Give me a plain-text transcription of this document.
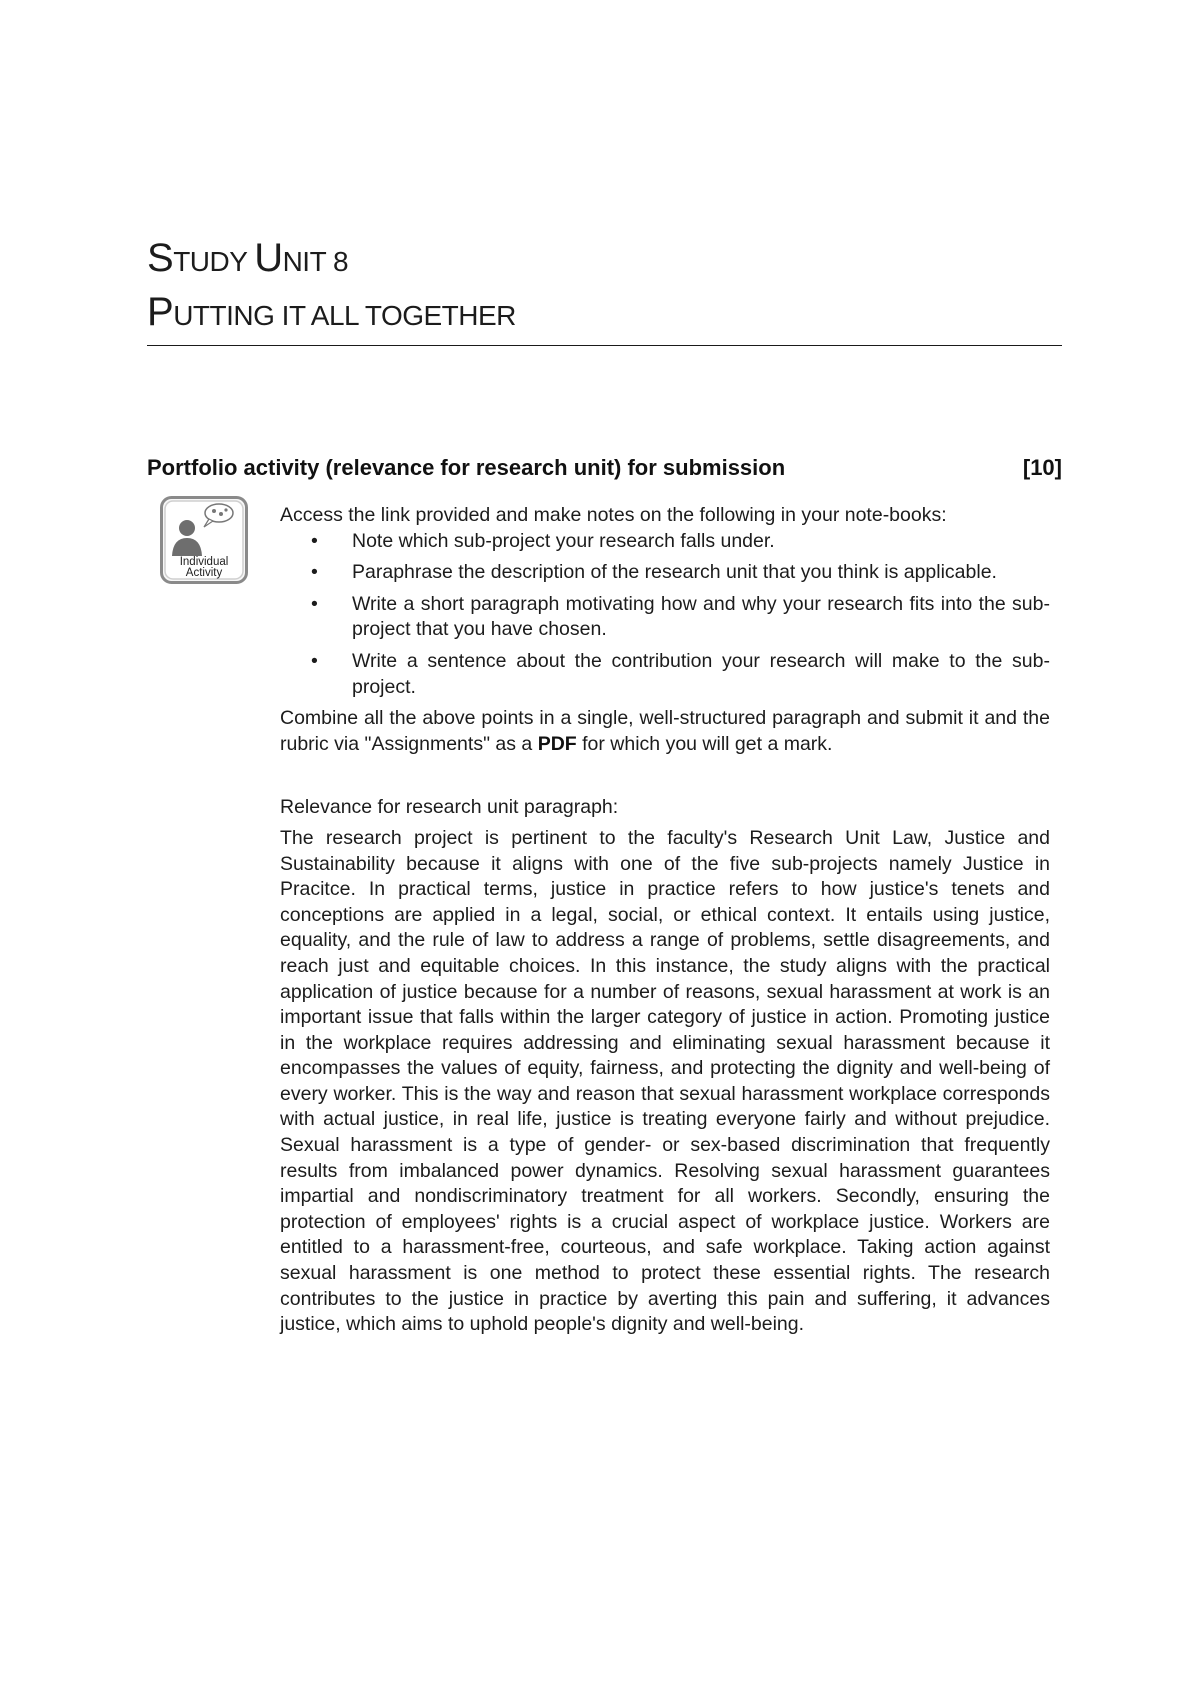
STUDY UNIT 8
PUTTING IT ALL TOGETHER
Portfolio activity (relevance for research unit) for submission	[10]
Individual
Activity

Access the link provided and make notes on the following in your note-books:

• Note which sub-project your research falls under.
• Paraphrase the description of the research unit that you think is applicable.
• Write a short paragraph motivating how and why your research fits into the sub-project that you have chosen.
• Write a sentence about the contribution your research will make to the sub-project.

Combine all the above points in a single, well-structured paragraph and submit it and the rubric via "Assignments" as a PDF for which you will get a mark.

Relevance for research unit paragraph:

The research project is pertinent to the faculty's Research Unit Law, Justice and Sustainability because it aligns with one of the five sub-projects namely Justice in Pracitce. In practical terms, justice in practice refers to how justice's tenets and conceptions are applied in a legal, social, or ethical context. It entails using justice, equality, and the rule of law to address a range of problems, settle disagreements, and reach just and equitable choices. In this instance, the study aligns with the practical application of justice because for a number of reasons, sexual harassment at work is an important issue that falls within the larger category of justice in action. Promoting justice in the workplace requires addressing and eliminating sexual harassment because it encompasses the values of equity, fairness, and protecting the dignity and well-being of every worker. This is the way and reason that sexual harassment workplace corresponds with actual justice, in real life, justice is treating everyone fairly and without prejudice. Sexual harassment is a type of gender- or sex-based discrimination that frequently results from imbalanced power dynamics. Resolving sexual harassment guarantees impartial and nondiscriminatory treatment for all workers. Secondly, ensuring the protection of employees' rights is a crucial aspect of workplace justice. Workers are entitled to a harassment-free, courteous, and safe workplace. Taking action against sexual harassment is one method to protect these essential rights. The research contributes to the justice in practice by averting this pain and suffering, it advances justice, which aims to uphold people's dignity and well-being.
